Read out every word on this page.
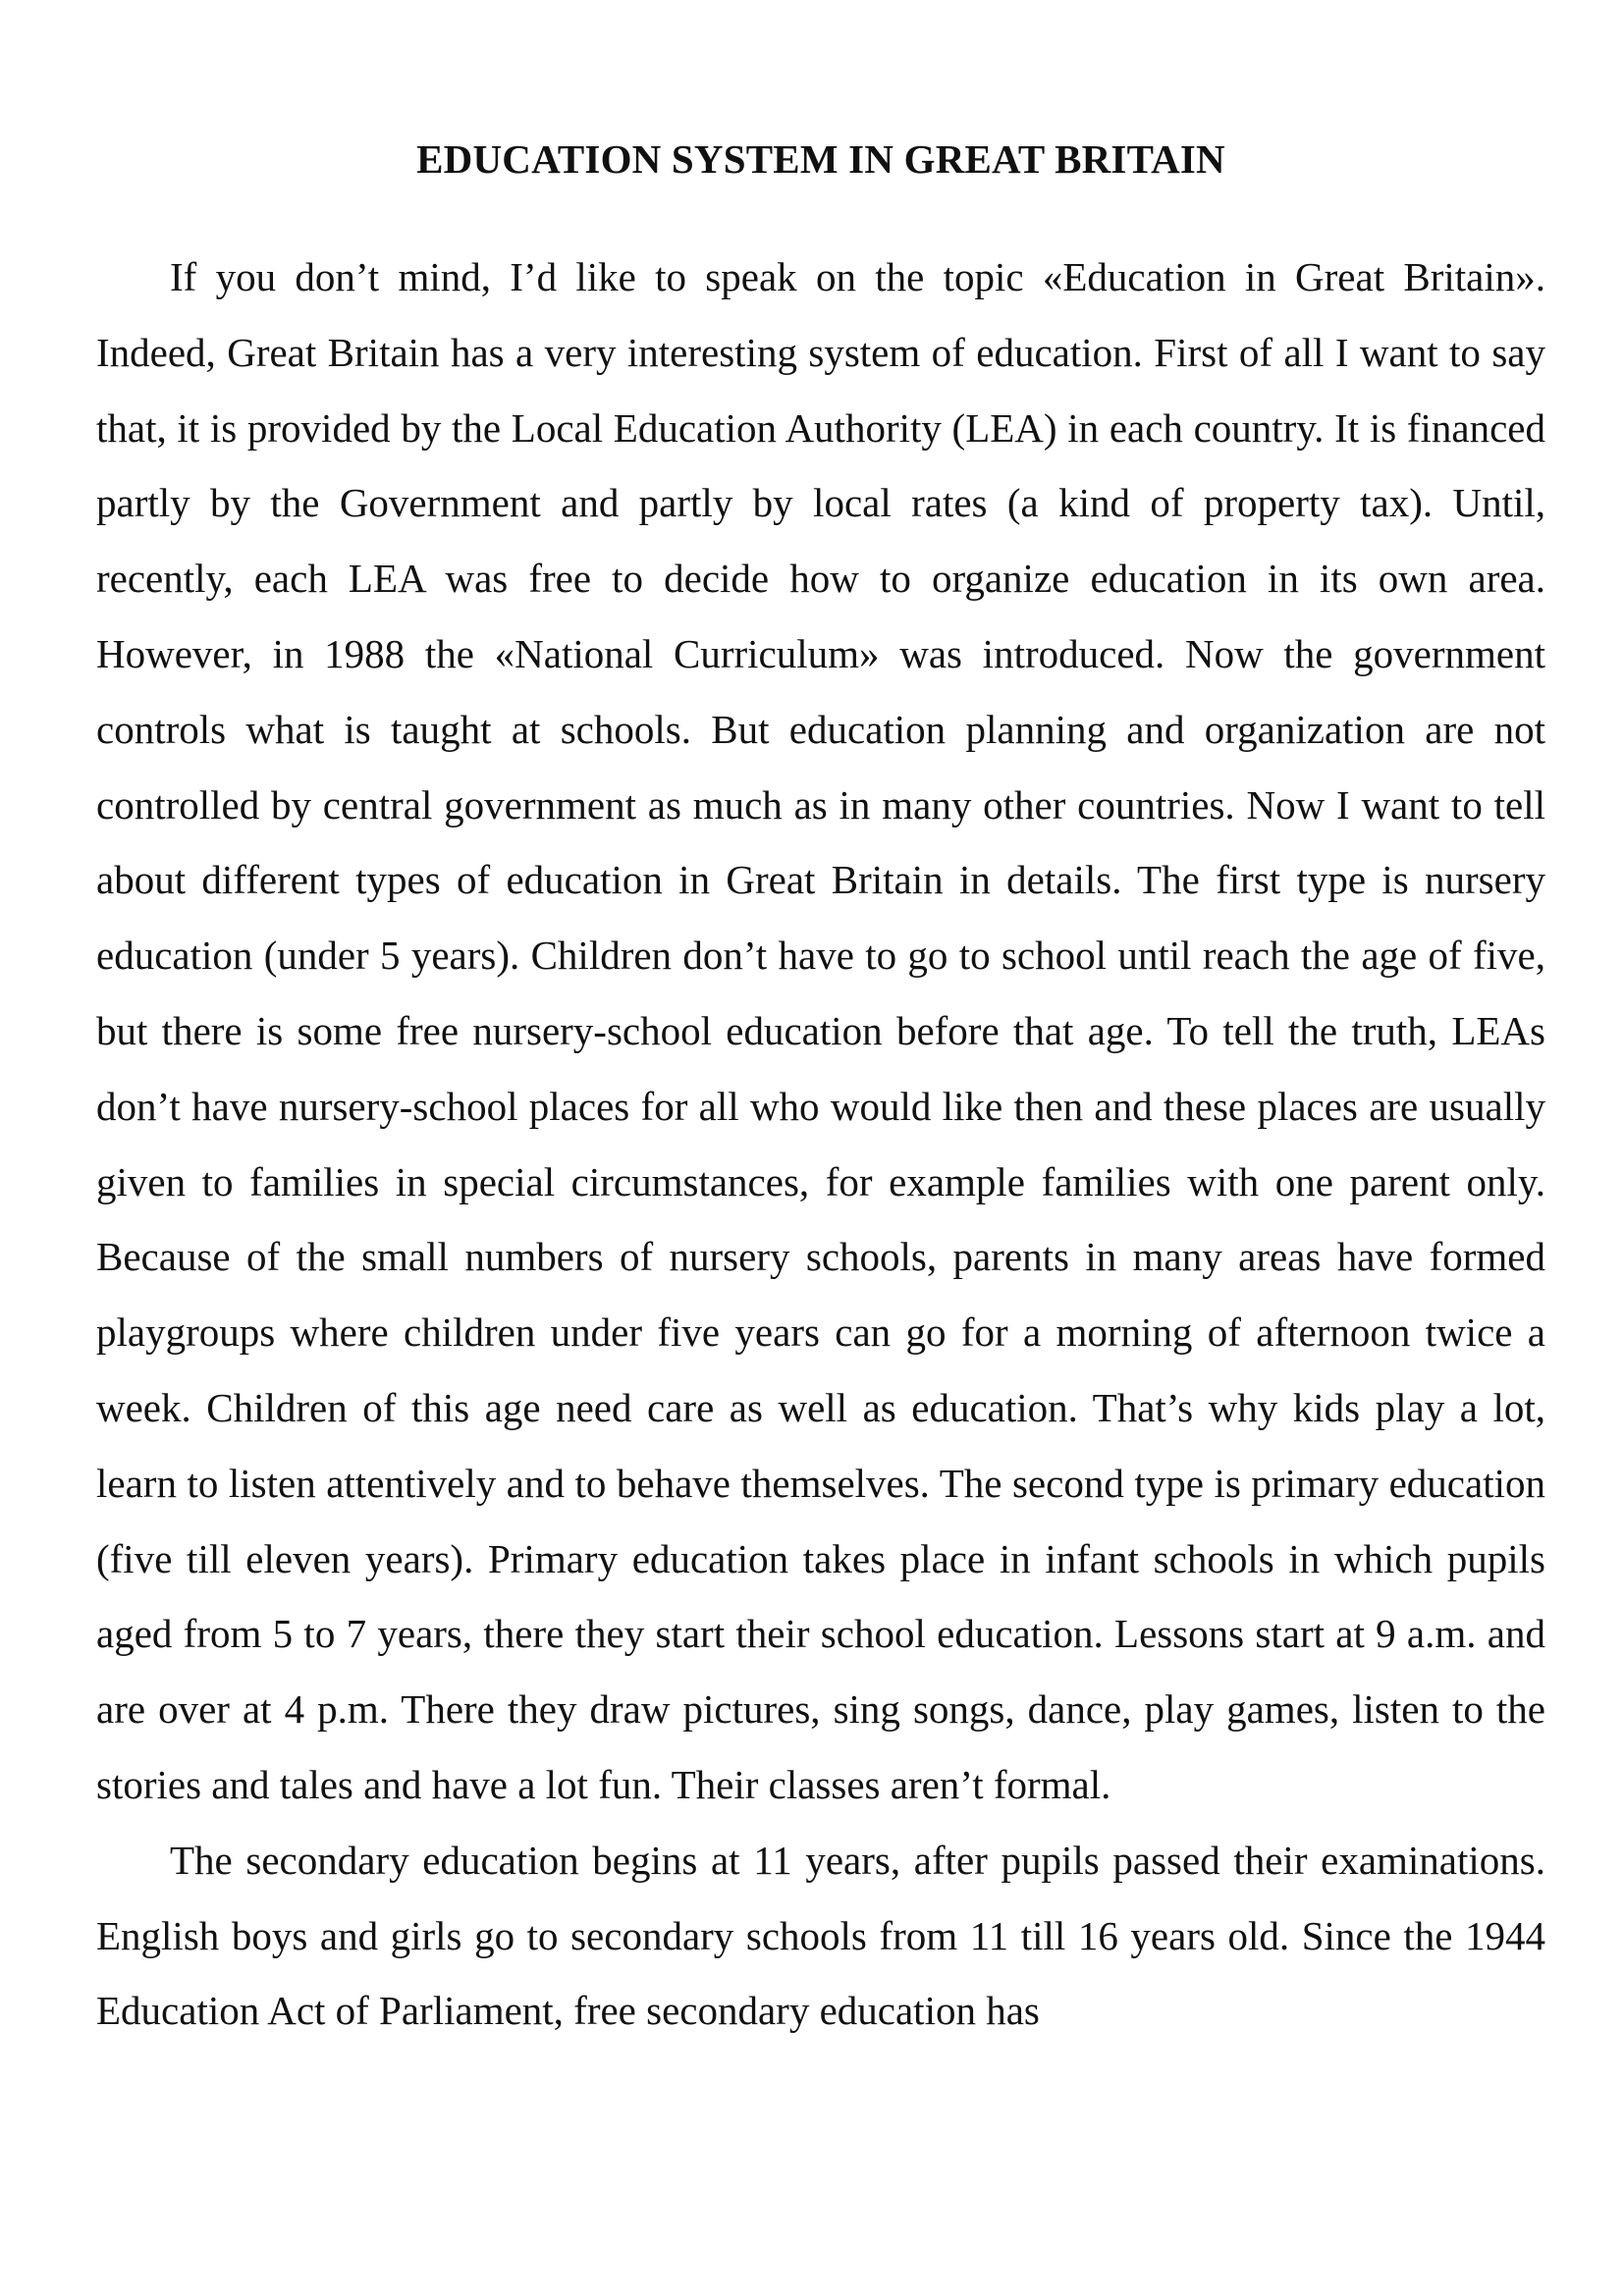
EDUCATION SYSTEM IN GREAT BRITAIN

If you don’t mind, I’d like to speak on the topic «Education in Great Britain». Indeed, Great Britain has a very interesting system of education. First of all I want to say that, it is provided by the Local Education Authority (LEA) in each country. It is financed partly by the Government and partly by local rates (a kind of property tax). Until, recently, each LEA was free to decide how to organize education in its own area. However, in 1988 the «National Curriculum» was introduced. Now the government controls what is taught at schools. But education planning and organization are not controlled by central government as much as in many other countries. Now I want to tell about different types of education in Great Britain in details. The first type is nursery education (under 5 years). Children don’t have to go to school until reach the age of five, but there is some free nursery-school education before that age. To tell the truth, LEAs don’t have nursery-school places for all who would like then and these places are usually given to families in special circumstances, for example families with one parent only. Because of the small numbers of nursery schools, parents in many areas have formed playgroups where children under five years can go for a morning of afternoon twice a week. Children of this age need care as well as education. That’s why kids play a lot, learn to listen attentively and to behave themselves. The second type is primary education (five till eleven years). Primary education takes place in infant schools in which pupils aged from 5 to 7 years, there they start their school education. Lessons start at 9 a.m. and are over at 4 p.m. There they draw pictures, sing songs, dance, play games, listen to the stories and tales and have a lot fun. Their classes aren’t formal.

The secondary education begins at 11 years, after pupils passed their examinations. English boys and girls go to secondary schools from 11 till 16 years old. Since the 1944 Education Act of Parliament, free secondary education has
